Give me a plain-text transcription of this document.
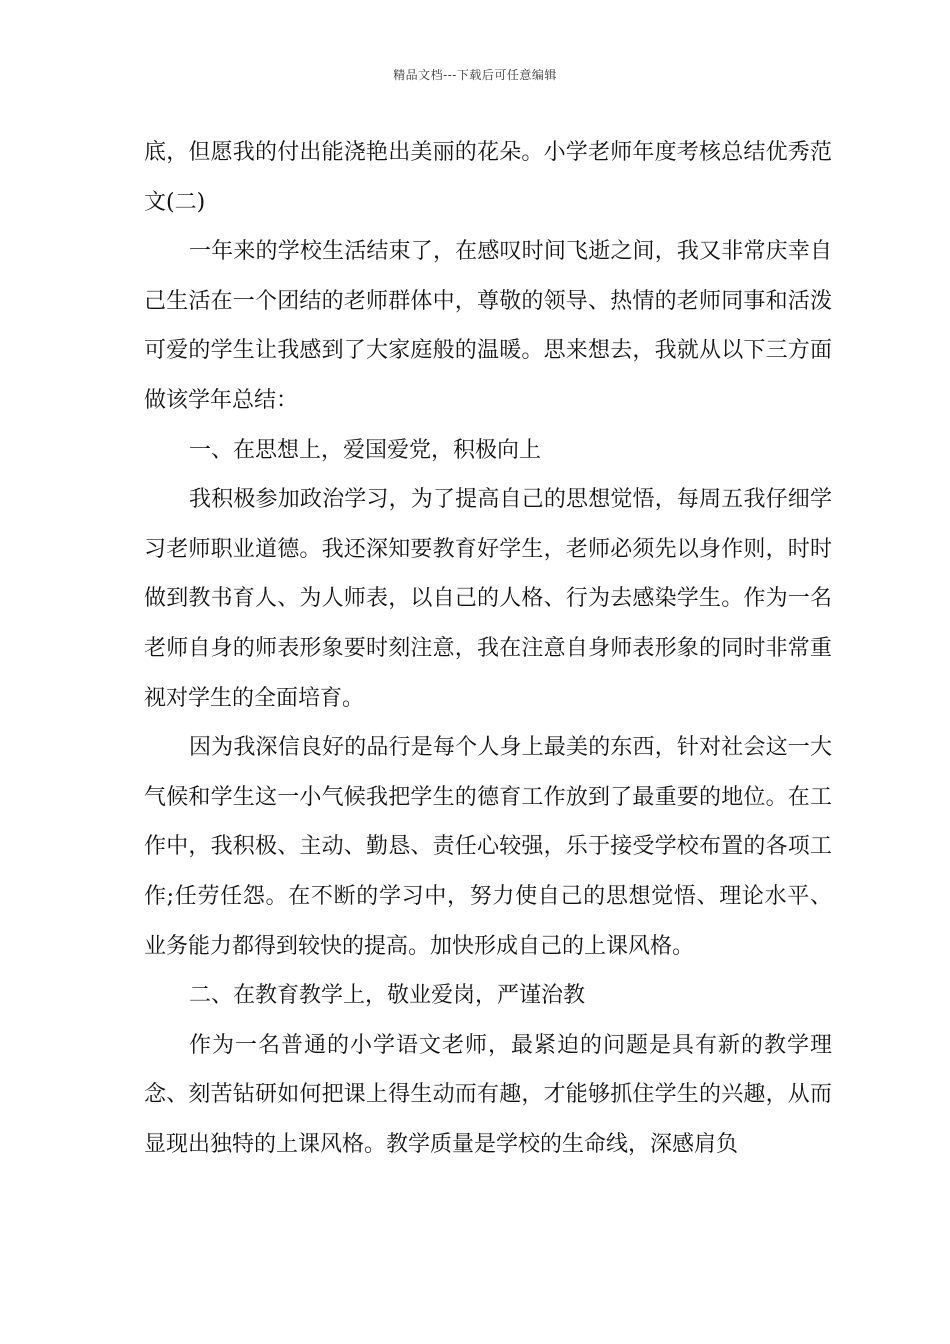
精品文档---下载后可任意编辑

底，但愿我的付出能浇艳出美丽的花朵。小学老师年度考核总结优秀范文(二)

一年来的学校生活结束了，在感叹时间飞逝之间，我又非常庆幸自己生活在一个团结的老师群体中，尊敬的领导、热情的老师同事和活泼可爱的学生让我感到了大家庭般的温暖。思来想去，我就从以下三方面做该学年总结：

一、在思想上，爱国爱党，积极向上

我积极参加政治学习，为了提高自己的思想觉悟，每周五我仔细学习老师职业道德。我还深知要教育好学生，老师必须先以身作则，时时做到教书育人、为人师表，以自己的人格、行为去感染学生。作为一名老师自身的师表形象要时刻注意，我在注意自身师表形象的同时非常重视对学生的全面培育。

因为我深信良好的品行是每个人身上最美的东西，针对社会这一大气候和学生这一小气候我把学生的德育工作放到了最重要的地位。在工作中，我积极、主动、勤恳、责任心较强，乐于接受学校布置的各项工作;任劳任怨。在不断的学习中，努力使自己的思想觉悟、理论水平、业务能力都得到较快的提高。加快形成自己的上课风格。

二、在教育教学上，敬业爱岗，严谨治教

作为一名普通的小学语文老师，最紧迫的问题是具有新的教学理念、刻苦钻研如何把课上得生动而有趣，才能够抓住学生的兴趣，从而显现出独特的上课风格。教学质量是学校的生命线，深感肩负
